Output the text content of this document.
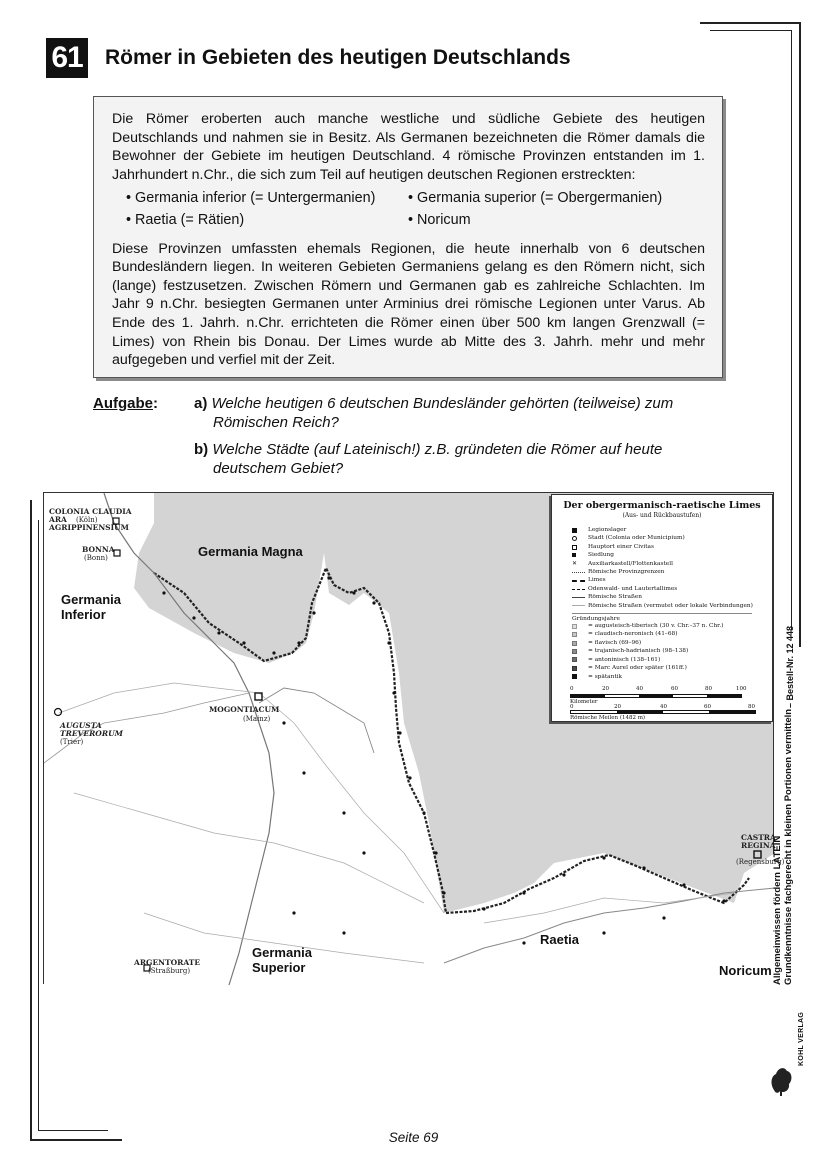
61 Römer in Gebieten des heutigen Deutschlands

Die Römer eroberten auch manche westliche und südliche Gebiete des heutigen Deutschlands und nahmen sie in Besitz. Als Germanen bezeichneten die Römer damals die Bewohner der Gebiete im heutigen Deutschland. 4 römische Provinzen entstanden im 1. Jahrhundert n.Chr., die sich zum Teil auf heutigen deutschen Regionen erstreckten:

• Germania inferior (= Untergermanien)	• Germania superior (= Obergermanien)
• Raetia (= Rätien)	• Noricum

Diese Provinzen umfassten ehemals Regionen, die heute innerhalb von 6 deutschen Bundesländern liegen. In weiteren Gebieten Germaniens gelang es den Römern nicht, sich (lange) festzusetzen. Zwischen Römern und Germanen gab es zahlreiche Schlachten. Im Jahr 9 n.Chr. besiegten Germanen unter Arminius drei römische Legionen unter Varus. Ab Ende des 1. Jahrh. n.Chr. errichteten die Römer einen über 500 km langen Grenzwall (= Limes) von Rhein bis Donau. Der Limes wurde ab Mitte des 3. Jahrh. mehr und mehr aufgegeben und verfiel mit der Zeit.

Aufgabe: a) Welche heutigen 6 deutschen Bundesländer gehörten (teilweise) zum
Römischen Reich?
b) Welche Städte (auf Lateinisch!) z.B. gründeten die Römer auf heute
deutschem Gebiet?
Germania Magna
Germania
Inferior
Germania
Superior
Raetia
Noricum
COLONIA CLAUDIA
ARA (Köln)
AGRIPPINENSIUM
BONNA
(Bonn)
MOGONTIACUM
(Mainz)
AUGUSTA
TREVERORUM
(Trier)
ARGENTORATE
(Straßburg)
CASTRA
REGINA
(Regensburg)
Der obergermanisch-raetische Limes
(Aus- und Rückbaustufen)
Legionslager
Stadt (Colonia oder Municipium)
Hauptort einer Civitas
Siedlung
✕	Auxiliarkastell/Flottenkastell
Römische Provinzgrenzen
Limes
Odenwald- und Lautertallimes
Römische Straßen
Römische Straßen (vermutet oder lokale Verbindungen)
Gründungsjahre
= augusteisch-tiberisch (30 v. Chr.–37 n. Chr.)
= claudisch-neronisch (41–68)
= flavisch (69–96)
= trajanisch-hadrianisch (98–138)
= antoninisch (138–161)
= Marc Aurel oder später (161ff.)
= spätantik
0	20	40	60	80	100
Kilometer
0	20	40	60	80
Römische Meilen (1482 m)
Allgemeinwissen fördern LATEIN Grundkenntnisse fachgerecht in kleinen Portionen vermitteln
– Bestell-Nr. 12 448
KOHL VERLAG
Seite 69
